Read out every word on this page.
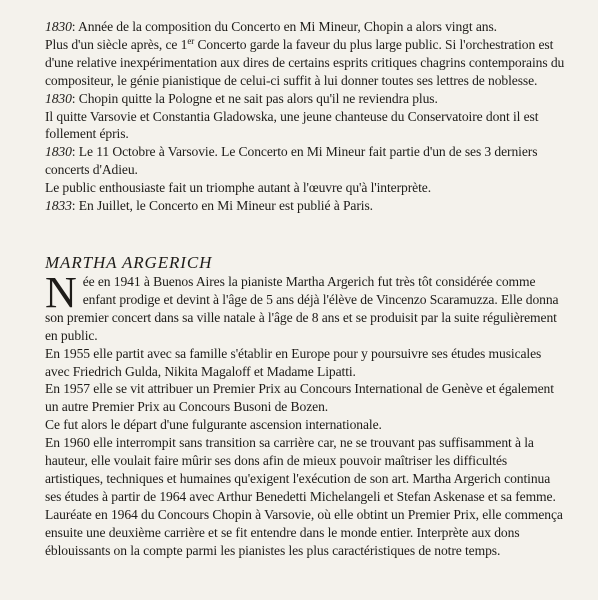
1830: Année de la composition du Concerto en Mi Mineur, Chopin a alors vingt ans.
Plus d'un siècle après, ce 1er Concerto garde la faveur du plus large public. Si l'orchestration est d'une relative inexpérimentation aux dires de certains esprits critiques chagrins contemporains du compositeur, le génie pianistique de celui-ci suffit à lui donner toutes ses lettres de noblesse.

1830: Chopin quitte la Pologne et ne sait pas alors qu'il ne reviendra plus.
Il quitte Varsovie et Constantia Gladowska, une jeune chanteuse du Conservatoire dont il est follement épris.

1830: Le 11 Octobre à Varsovie. Le Concerto en Mi Mineur fait partie d'un de ses 3 derniers concerts d'Adieu.
Le public enthousiaste fait un triomphe autant à l'œuvre qu'à l'interprète.

1833: En Juillet, le Concerto en Mi Mineur est publié à Paris.

MARTHA ARGERICH

Née en 1941 à Buenos Aires la pianiste Martha Argerich fut très tôt considérée comme enfant prodige et devint à l'âge de 5 ans déjà l'élève de Vincenzo Scaramuzza. Elle donna son premier concert dans sa ville natale à l'âge de 8 ans et se produisit par la suite régulièrement en public.

En 1955 elle partit avec sa famille s'établir en Europe pour y poursuivre ses études musicales avec Friedrich Gulda, Nikita Magaloff et Madame Lipatti.

En 1957 elle se vit attribuer un Premier Prix au Concours International de Genève et également un autre Premier Prix au Concours Busoni de Bozen.

Ce fut alors le départ d'une fulgurante ascension internationale.

En 1960 elle interrompit sans transition sa carrière car, ne se trouvant pas suffisamment à la hauteur, elle voulait faire mûrir ses dons afin de mieux pouvoir maîtriser les difficultés artistiques, techniques et humaines qu'exigent l'exécution de son art. Martha Argerich continua ses études à partir de 1964 avec Arthur Benedetti Michelangeli et Stefan Askenase et sa femme.

Lauréate en 1964 du Concours Chopin à Varsovie, où elle obtint un Premier Prix, elle commença ensuite une deuxième carrière et se fit entendre dans le monde entier. Interprète aux dons éblouissants on la compte parmi les pianistes les plus caractéristiques de notre temps.
